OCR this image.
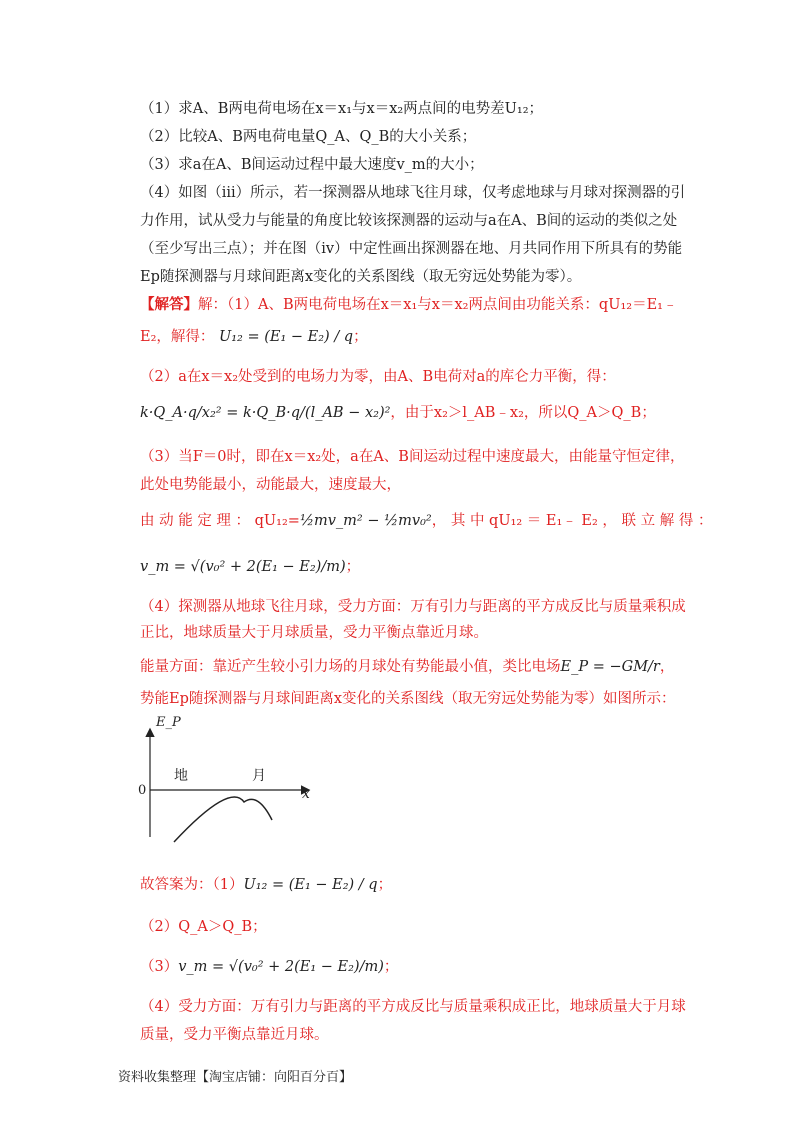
（1）求A、B两电荷电场在x＝x₁与x＝x₂两点间的电势差U₁₂；
（2）比较A、B两电荷电量Q_A、Q_B的大小关系；
（3）求a在A、B间运动过程中最大速度v_m的大小；
（4）如图（iii）所示，若一探测器从地球飞往月球，仅考虑地球与月球对探测器的引
力作用，试从受力与能量的角度比较该探测器的运动与a在A、B间的运动的类似之处
（至少写出三点）；并在图（iv）中定性画出探测器在地、月共同作用下所具有的势能
Ep随探测器与月球间距离x变化的关系图线（取无穷远处势能为零）。
【解答】解：（1）A、B两电荷电场在x＝x₁与x＝x₂两点间由功能关系：qU₁₂＝E₁﹣
E₂，解得： U₁₂ = (E₁ − E₂) / q；
（2）a在x＝x₂处受到的电场力为零，由A、B电荷对a的库仑力平衡，得：
k·Q_A·q/x₂² = k·Q_B·q/(l_AB − x₂)²，由于x₂＞l_AB﹣x₂，所以Q_A＞Q_B；
（3）当F＝0时，即在x＝x₂处，a在A、B间运动过程中速度最大，由能量守恒定律，
此处电势能最小，动能最大，速度最大，
由 动 能 定 理 ： qU₁₂=½mv_m² − ½mv₀²， 其 中 qU₁₂ ＝ E₁﹣ E₂ ， 联 立 解 得 ：
v_m = √(v₀² + 2(E₁ − E₂)/m)；
（4）探测器从地球飞往月球，受力方面：万有引力与距离的平方成反比与质量乘积成
正比，地球质量大于月球质量，受力平衡点靠近月球。
能量方面：靠近产生较小引力场的月球处有势能最小值，类比电场E_P = −GM/r，
势能Ep随探测器与月球间距离x变化的关系图线（取无穷远处势能为零）如图所示：
E_P
x
0
地	月
故答案为：（1）U₁₂ = (E₁ − E₂) / q；
（2）Q_A＞Q_B；
（3）v_m = √(v₀² + 2(E₁ − E₂)/m)；
（4）受力方面：万有引力与距离的平方成反比与质量乘积成正比，地球质量大于月球
质量，受力平衡点靠近月球。
资料收集整理【淘宝店铺：向阳百分百】
